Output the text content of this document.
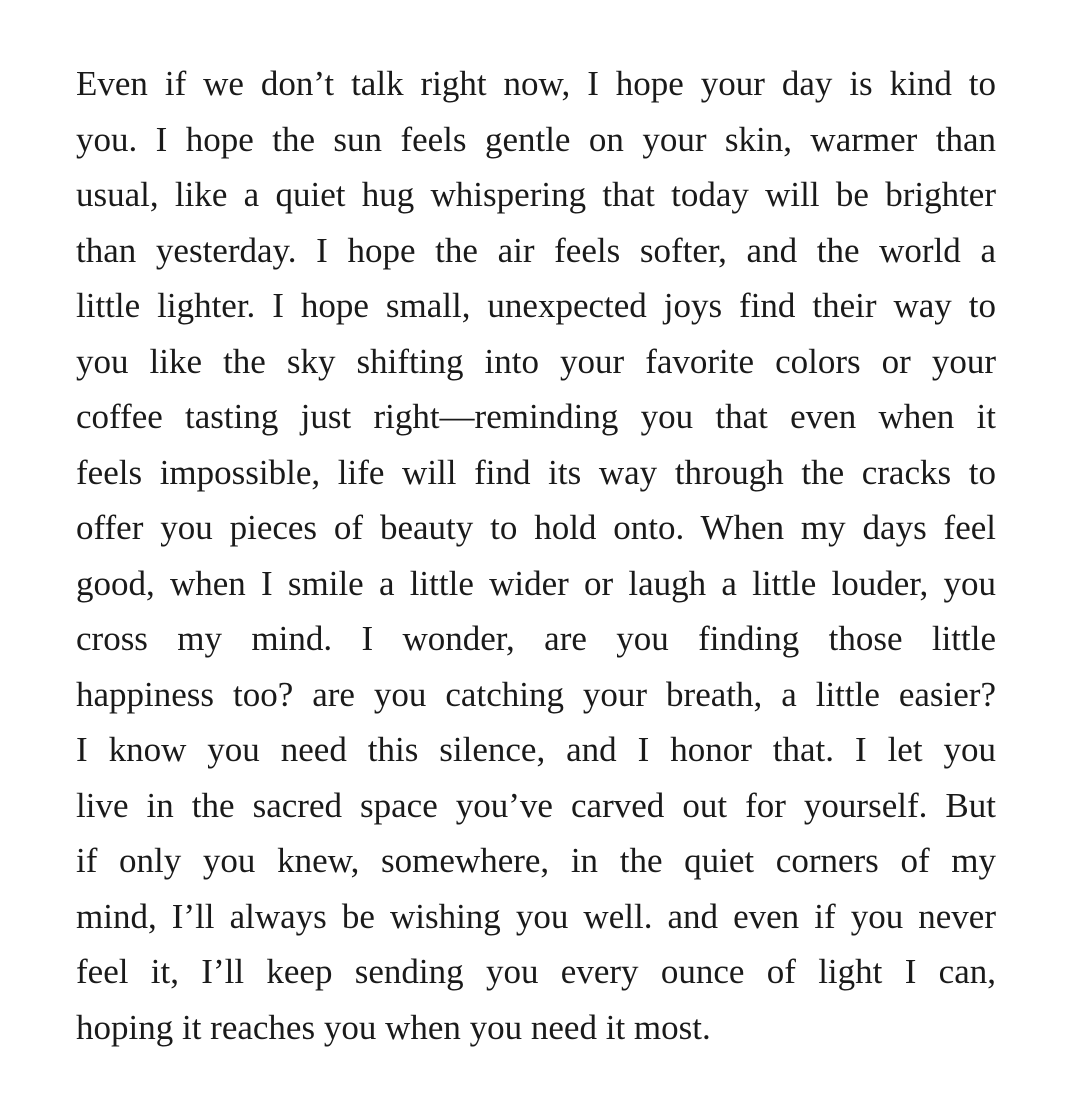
Even if we don’t talk right now, I hope your day is kind to
you. I hope the sun feels gentle on your skin, warmer than
usual, like a quiet hug whispering that today will be brighter
than yesterday. I hope the air feels softer, and the world a
little lighter. I hope small, unexpected joys find their way to
you like the sky shifting into your favorite colors or your
coffee tasting just right—reminding you that even when it
feels impossible, life will find its way through the cracks to
offer you pieces of beauty to hold onto. When my days feel
good, when I smile a little wider or laugh a little louder, you
cross my mind. I wonder, are you finding those little
happiness too? are you catching your breath, a little easier?
I know you need this silence, and I honor that. I let you
live in the sacred space you’ve carved out for yourself. But
if only you knew, somewhere, in the quiet corners of my
mind, I’ll always be wishing you well. and even if you never
feel it, I’ll keep sending you every ounce of light I can,
hoping it reaches you when you need it most.
